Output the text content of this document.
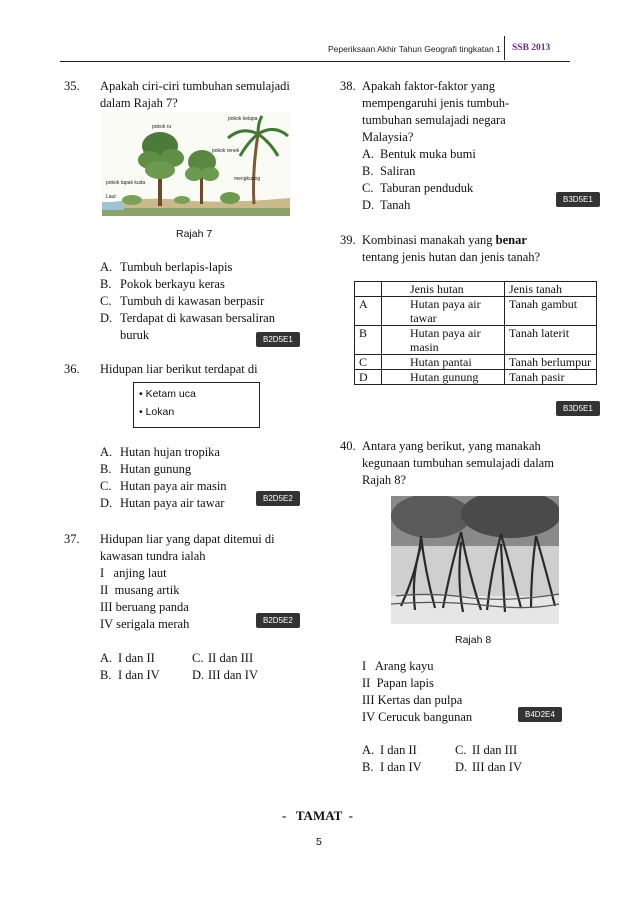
Peperiksaan Akhir Tahun Geografi tingkatan 1 SSB 2013
35. Apakah ciri-ciri tumbuhan semulajadi
dalam Rajah 7?
pokok kelapa
pokok ru
pokok tapak kuda
Laut
pokok renek
mengkuang
Rajah 7
A. Tumbuh berlapis-lapis
B. Pokok berkayu keras
C. Tumbuh di kawasan berpasir
D. Terdapat di kawasan bersaliran
buruk	B2D5E1
36. Hidupan liar berikut terdapat di
• Ketam uca
• Lokan
A. Hutan hujan tropika
B. Hutan gunung
C. Hutan paya air masin
D. Hutan paya air tawar	B2D5E2
37. Hidupan liar yang dapat ditemui di
kawasan tundra ialah
I   anjing laut
II  musang artik
III beruang panda
IV serigala merah	B2D5E2
A. I dan II	C. II dan III
B. I dan IV	D. III dan IV
38. Apakah faktor-faktor yang
mempengaruhi jenis tumbuh-
tumbuhan semulajadi negara
Malaysia?
A. Bentuk muka bumi
B. Saliran
C. Taburan penduduk
D. Tanah	B3D5E1
39. Kombinasi manakah yang benar
tentang jenis hutan dan jenis tanah?
	Jenis hutan	Jenis tanah
A	Hutan paya air tawar	Tanah gambut
B	Hutan paya air masin	Tanah laterit
C	Hutan pantai	Tanah berlumpur
D	Hutan gunung	Tanah pasir
B3D5E1
40. Antara yang berikut, yang manakah
kegunaan tumbuhan semulajadi dalam
Rajah 8?
Rajah 8
I   Arang kayu
II  Papan lapis
III Kertas dan pulpa
IV Cerucuk bangunan	B4D2E4
A. I dan II	C. II dan III
B. I dan IV	D. III dan IV
-   TAMAT  -
5
